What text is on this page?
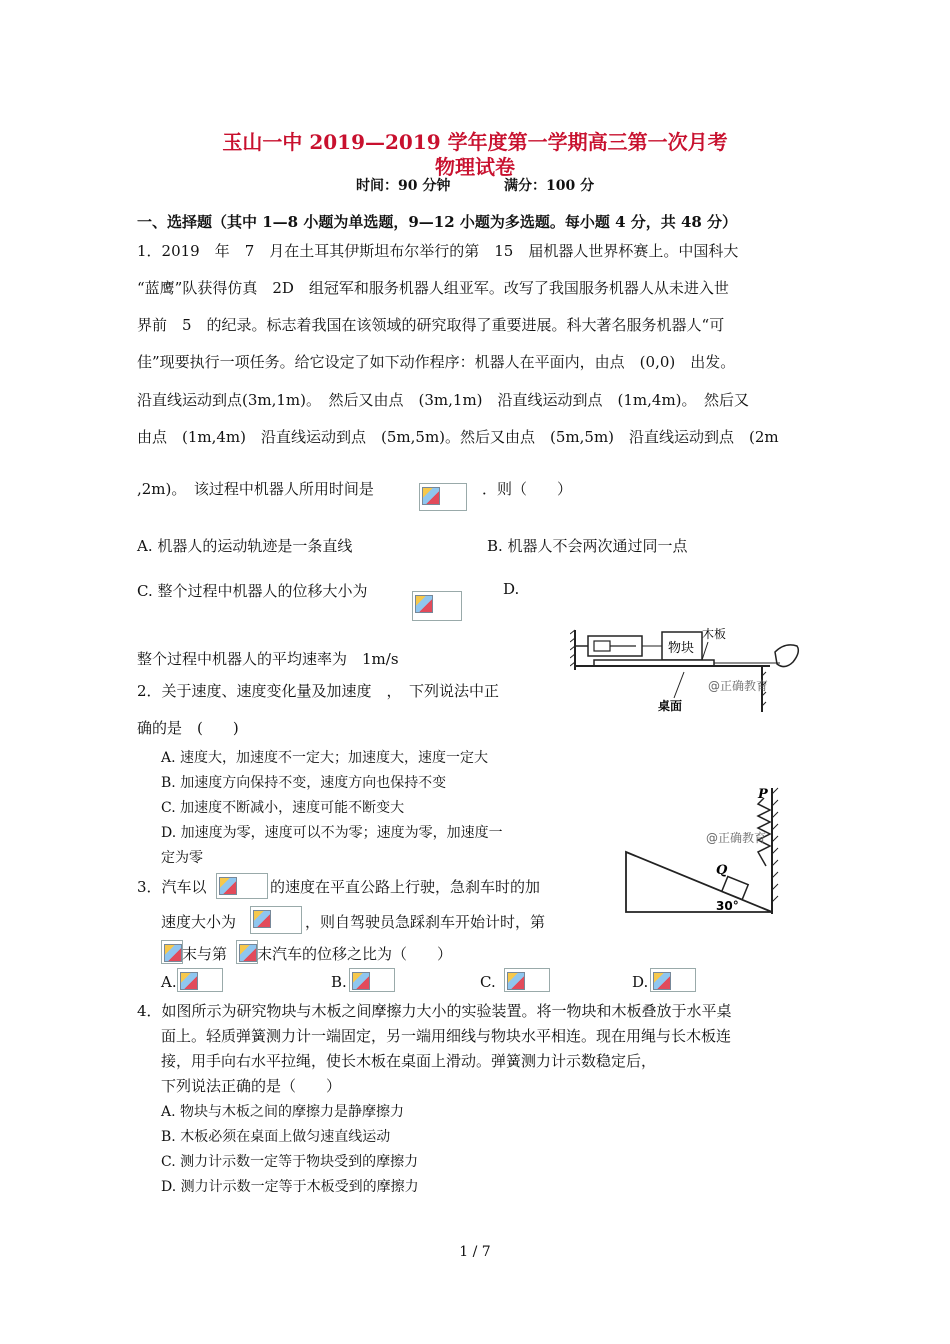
玉山一中 2019—2019 学年度第一学期高三第一次月考
物理试卷
时间：90 分钟	满分：100 分
一、选择题（其中 1—8 小题为单选题，9—12 小题为多选题。每小题 4 分，共 48 分）
1．2019　年　7　月在土耳其伊斯坦布尔举行的第　15　届机器人世界杯赛上。中国科大
“蓝鹰”队获得仿真　2D　组冠军和服务机器人组亚军。改写了我国服务机器人从未进入世
界前　5　的纪录。标志着我国在该领域的研究取得了重要进展。科大著名服务机器人“可
佳”现要执行一项任务。给它设定了如下动作程序：机器人在平面内，由点　(0,0)　出发。
沿直线运动到点(3m,1m)。　然后又由点　(3m,1m)　沿直线运动到点　(1m,4m)。　然后又
由点　(1m,4m)　沿直线运动到点　(5m,5m)。然后又由点　(5m,5m)　沿直线运动到点　(2m
,2m)。　该过程中机器人所用时间是	．则（　　）
A. 机器人的运动轨迹是一条直线	B. 机器人不会两次通过同一点
C. 整个过程中机器人的位移大小为	D.
整个过程中机器人的平均速率为　1m/s
物块
木板
桌面
@正确教育
2．关于速度、速度变化量及加速度　，　下列说法中正
确的是　(　　)
A. 速度大，加速度不一定大；加速度大，速度一定大
B. 加速度方向保持不变，速度方向也保持不变
C. 加速度不断减小，速度可能不断变大
D. 加速度为零，速度可以不为零；速度为零，加速度一
定为零
P
Q
30°
@正确教育
3．汽车以	的速度在平直公路上行驶，急刹车时的加
速度大小为	，则自驾驶员急踩刹车开始计时，第
末与第 末汽车的位移之比为（　　）
A.	B.	C.	D.
4．如图所示为研究物块与木板之间摩擦力大小的实验装置。将一物块和木板叠放于水平桌
面上。轻质弹簧测力计一端固定，另一端用细线与物块水平相连。现在用绳与长木板连
接，用手向右水平拉绳，使长木板在桌面上滑动。弹簧测力计示数稳定后，
下列说法正确的是（　　）
A. 物块与木板之间的摩擦力是静摩擦力
B. 木板必须在桌面上做匀速直线运动
C. 测力计示数一定等于物块受到的摩擦力
D. 测力计示数一定等于木板受到的摩擦力
1 / 7
